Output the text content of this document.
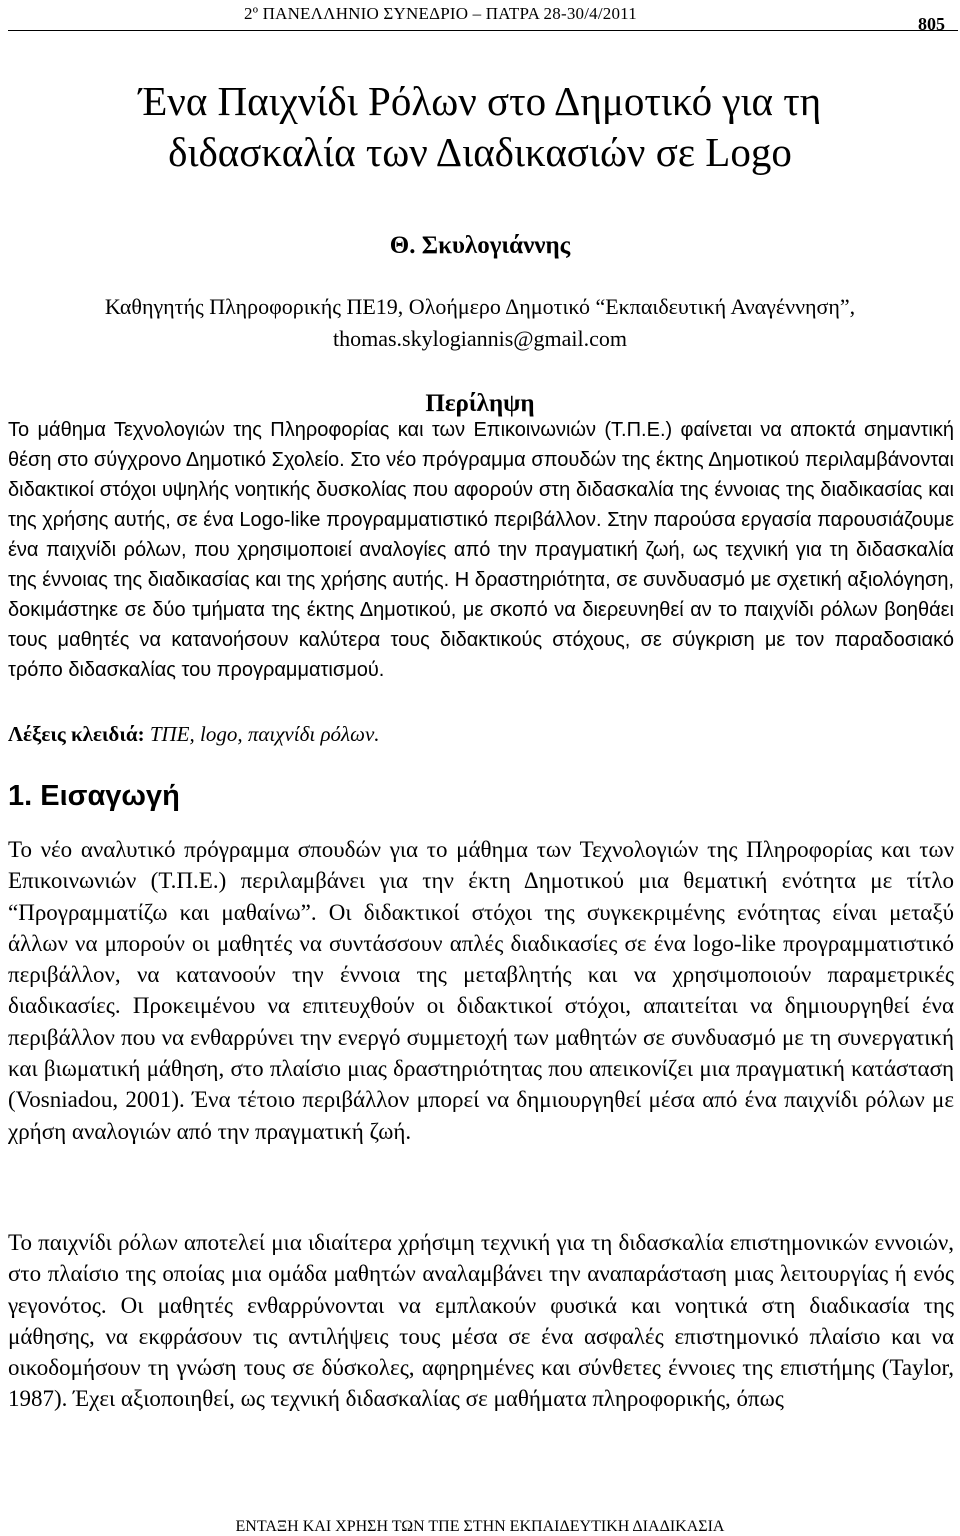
2º ΠΑΝΕΛΛΗΝΙΟ ΣΥΝΕΔΡΙΟ – ΠΑΤΡΑ 28-30/4/2011
805
Ένα Παιχνίδι Ρόλων στο Δημοτικό για τη διδασκαλία των Διαδικασιών σε Logo
Θ. Σκυλογιάννης
Καθηγητής Πληροφορικής ΠΕ19, Ολοήμερο Δημοτικό “Εκπαιδευτική Αναγέννηση”,
thomas.skylogiannis@gmail.com
Περίληψη

Το μάθημα Τεχνολογιών της Πληροφορίας και των Επικοινωνιών (Τ.Π.Ε.) φαίνεται να αποκτά σημαντική θέση στο σύγχρονο Δημοτικό Σχολείο. Στο νέο πρόγραμμα σπουδών της έκτης Δημοτικού περιλαμβάνονται διδακτικοί στόχοι υψηλής νοητικής δυσκολίας που αφορούν στη διδασκαλία της έννοιας της διαδικασίας και της χρήσης αυτής, σε ένα Logo-like προγραμματιστικό περιβάλλον. Στην παρούσα εργασία παρουσιάζουμε ένα παιχνίδι ρόλων, που χρησιμοποιεί αναλογίες από την πραγματική ζωή, ως τεχνική για τη διδασκαλία της έννοιας της διαδικασίας και της χρήσης αυτής. Η δραστηριότητα, σε συνδυασμό με σχετική αξιολόγηση, δοκιμάστηκε σε δύο τμήματα της έκτης Δημοτικού, με σκοπό να διερευνηθεί αν το παιχνίδι ρόλων βοηθάει τους μαθητές να κατανοήσουν καλύτερα τους διδακτικούς στόχους, σε σύγκριση με τον παραδοσιακό τρόπο διδασκαλίας του προγραμματισμού.

Λέξεις κλειδιά: ΤΠΕ, logo, παιχνίδι ρόλων.

1. Εισαγωγή

Το νέο αναλυτικό πρόγραμμα σπουδών για το μάθημα των Τεχνολογιών της Πληροφορίας και των Επικοινωνιών (Τ.Π.Ε.) περιλαμβάνει για την έκτη Δημοτικού μια θεματική ενότητα με τίτλο “Προγραμματίζω και μαθαίνω”. Οι διδακτικοί στόχοι της συγκεκριμένης ενότητας είναι μεταξύ άλλων να μπορούν οι μαθητές να συντάσσουν απλές διαδικασίες σε ένα logo-like προγραμματιστικό περιβάλλον, να κατανοούν την έννοια της μεταβλητής και να χρησιμοποιούν παραμετρικές διαδικασίες. Προκειμένου να επιτευχθούν οι διδακτικοί στόχοι, απαιτείται να δημιουργηθεί ένα περιβάλλον που να ενθαρρύνει την ενεργό συμμετοχή των μαθητών σε συνδυασμό με τη συνεργατική και βιωματική μάθηση, στο πλαίσιο μιας δραστηριότητας που απεικονίζει μια πραγματική κατάσταση (Vosniadou, 2001). Ένα τέτοιο περιβάλλον μπορεί να δημιουργηθεί μέσα από ένα παιχνίδι ρόλων με χρήση αναλογιών από την πραγματική ζωή.

Το παιχνίδι ρόλων αποτελεί μια ιδιαίτερα χρήσιμη τεχνική για τη διδασκαλία επιστημονικών εννοιών, στο πλαίσιο της οποίας μια ομάδα μαθητών αναλαμβάνει την αναπαράσταση μιας λειτουργίας ή ενός γεγονότος. Οι μαθητές ενθαρρύνονται να εμπλακούν φυσικά και νοητικά στη διαδικασία της μάθησης, να εκφράσουν τις αντιλήψεις τους μέσα σε ένα ασφαλές επιστημονικό πλαίσιο και να οικοδομήσουν τη γνώση τους σε δύσκολες, αφηρημένες και σύνθετες έννοιες της επιστήμης (Taylor, 1987). Έχει αξιοποιηθεί, ως τεχνική διδασκαλίας σε μαθήματα πληροφορικής, όπως

ΕΝΤΑΞΗ ΚΑΙ ΧΡΗΣΗ ΤΩΝ ΤΠΕ ΣΤΗΝ ΕΚΠΑΙΔΕΥΤΙΚΗ ΔΙΑΔΙΚΑΣΙΑ
